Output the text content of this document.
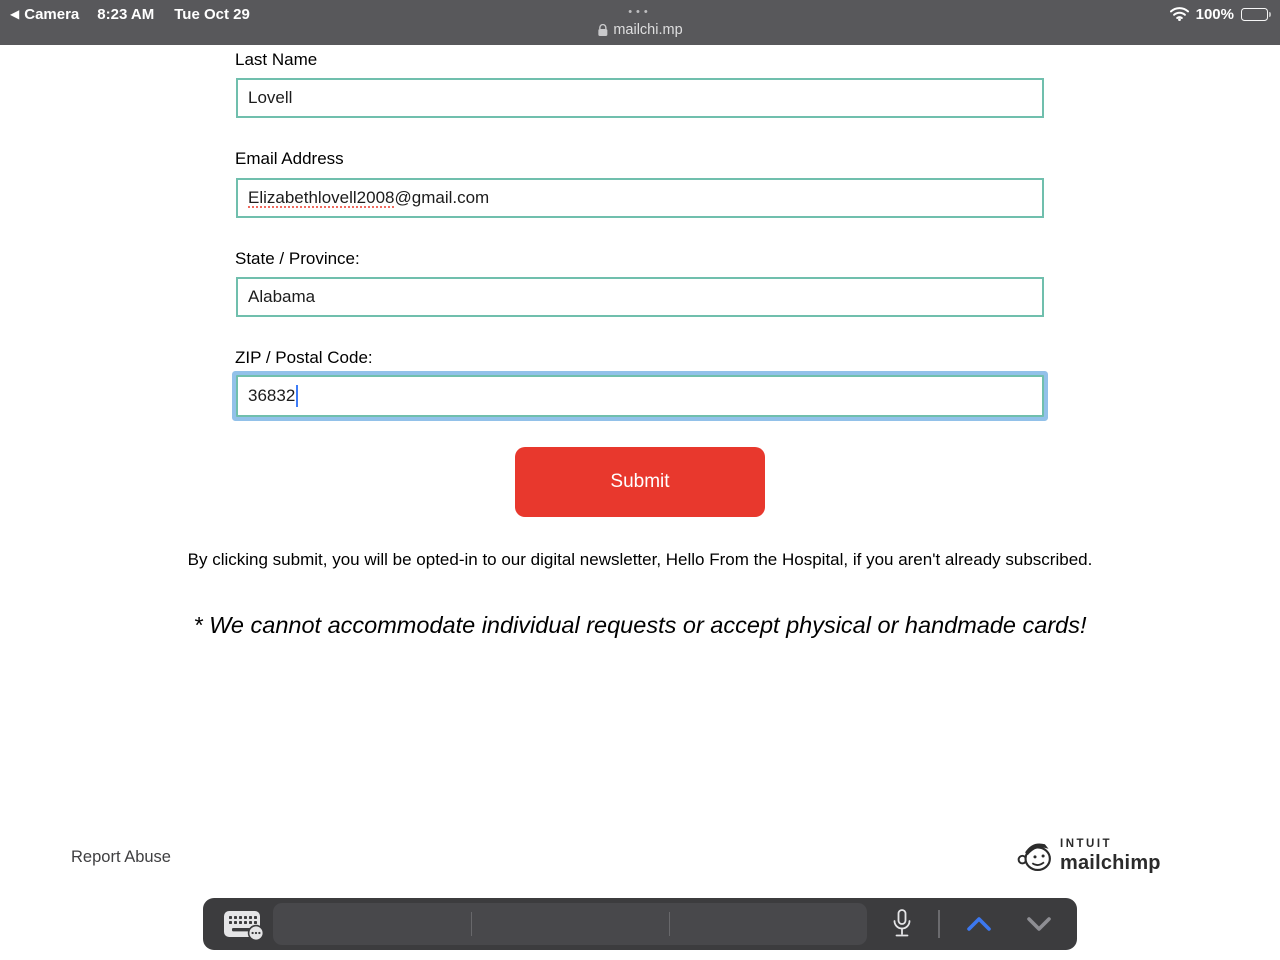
◀ Camera 8:23 AM Tue Oct 29	•••
mailchi.mp
100%
Last Name
Lovell
Email Address
Elizabethlovell2008 @gmail.com
State / Province:
Alabama
ZIP / Postal Code:
36832
Submit
By clicking submit, you will be opted-in to our digital newsletter, Hello From the Hospital, if you aren't already subscribed.
* We cannot accommodate individual requests or accept physical or handmade cards!
Report Abuse
INTUIT
mailchimp
